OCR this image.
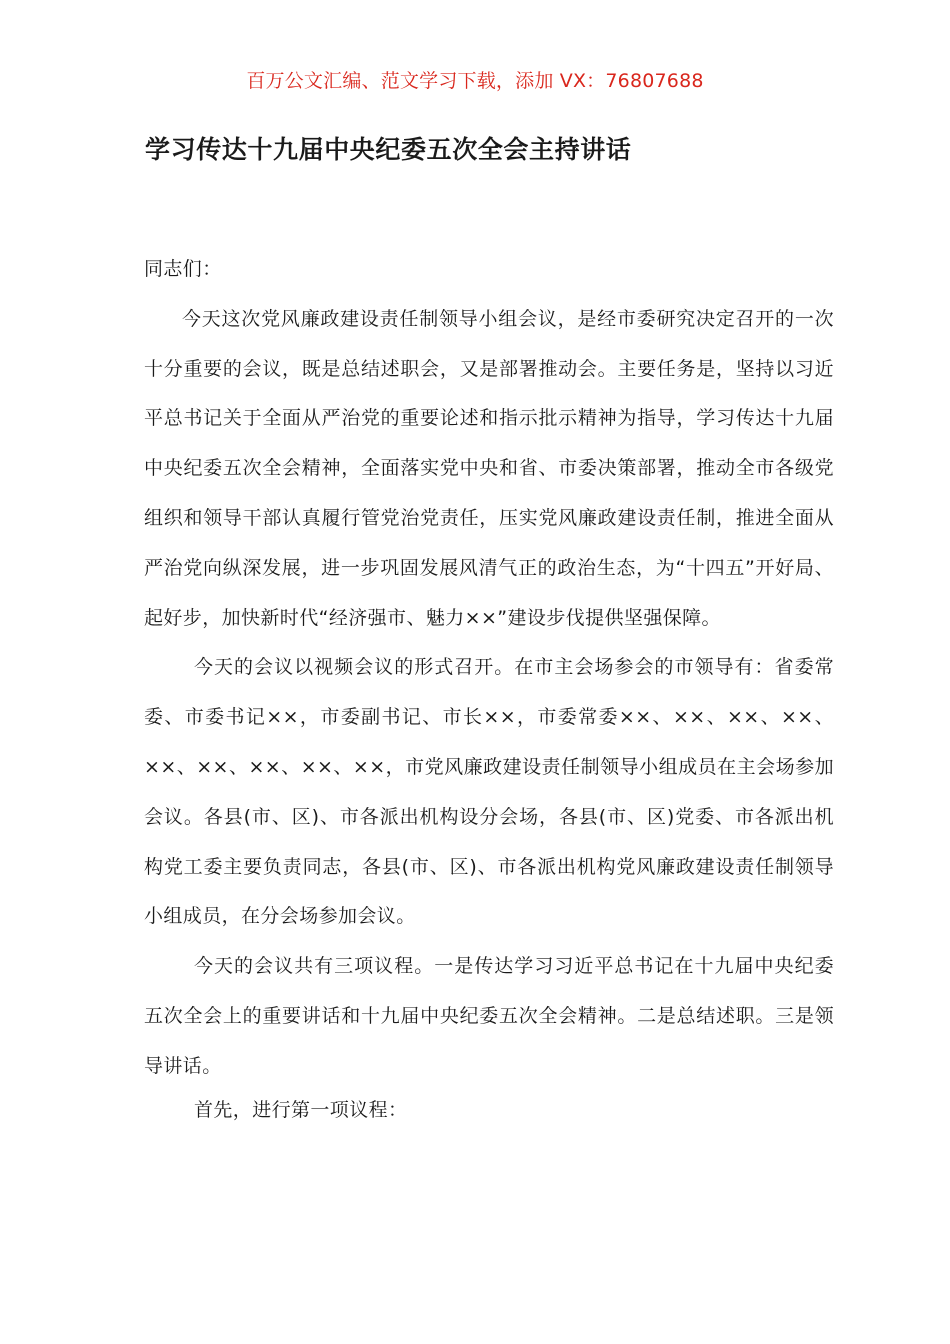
百万公文汇编、范文学习下载，添加 VX：76807688
学习传达十九届中央纪委五次全会主持讲话

同志们：

今天这次党风廉政建设责任制领导小组会议，是经市委研究决定召开的一次十分重要的会议，既是总结述职会，又是部署推动会。主要任务是，坚持以习近平总书记关于全面从严治党的重要论述和指示批示精神为指导，学习传达十九届中央纪委五次全会精神，全面落实党中央和省、市委决策部署，推动全市各级党组织和领导干部认真履行管党治党责任，压实党风廉政建设责任制，推进全面从严治党向纵深发展，进一步巩固发展风清气正的政治生态，为“十四五”开好局、起好步，加快新时代“经济强市、魅力××”建设步伐提供坚强保障。

今天的会议以视频会议的形式召开。在市主会场参会的市领导有：省委常委、市委书记××，市委副书记、市长××，市委常委××、××、××、××、××、××、××、××、××，市党风廉政建设责任制领导小组成员在主会场参加会议。各县(市、区)、市各派出机构设分会场，各县(市、区)党委、市各派出机构党工委主要负责同志，各县(市、区)、市各派出机构党风廉政建设责任制领导小组成员，在分会场参加会议。

今天的会议共有三项议程。一是传达学习习近平总书记在十九届中央纪委五次全会上的重要讲话和十九届中央纪委五次全会精神。二是总结述职。三是领导讲话。

首先，进行第一项议程：
